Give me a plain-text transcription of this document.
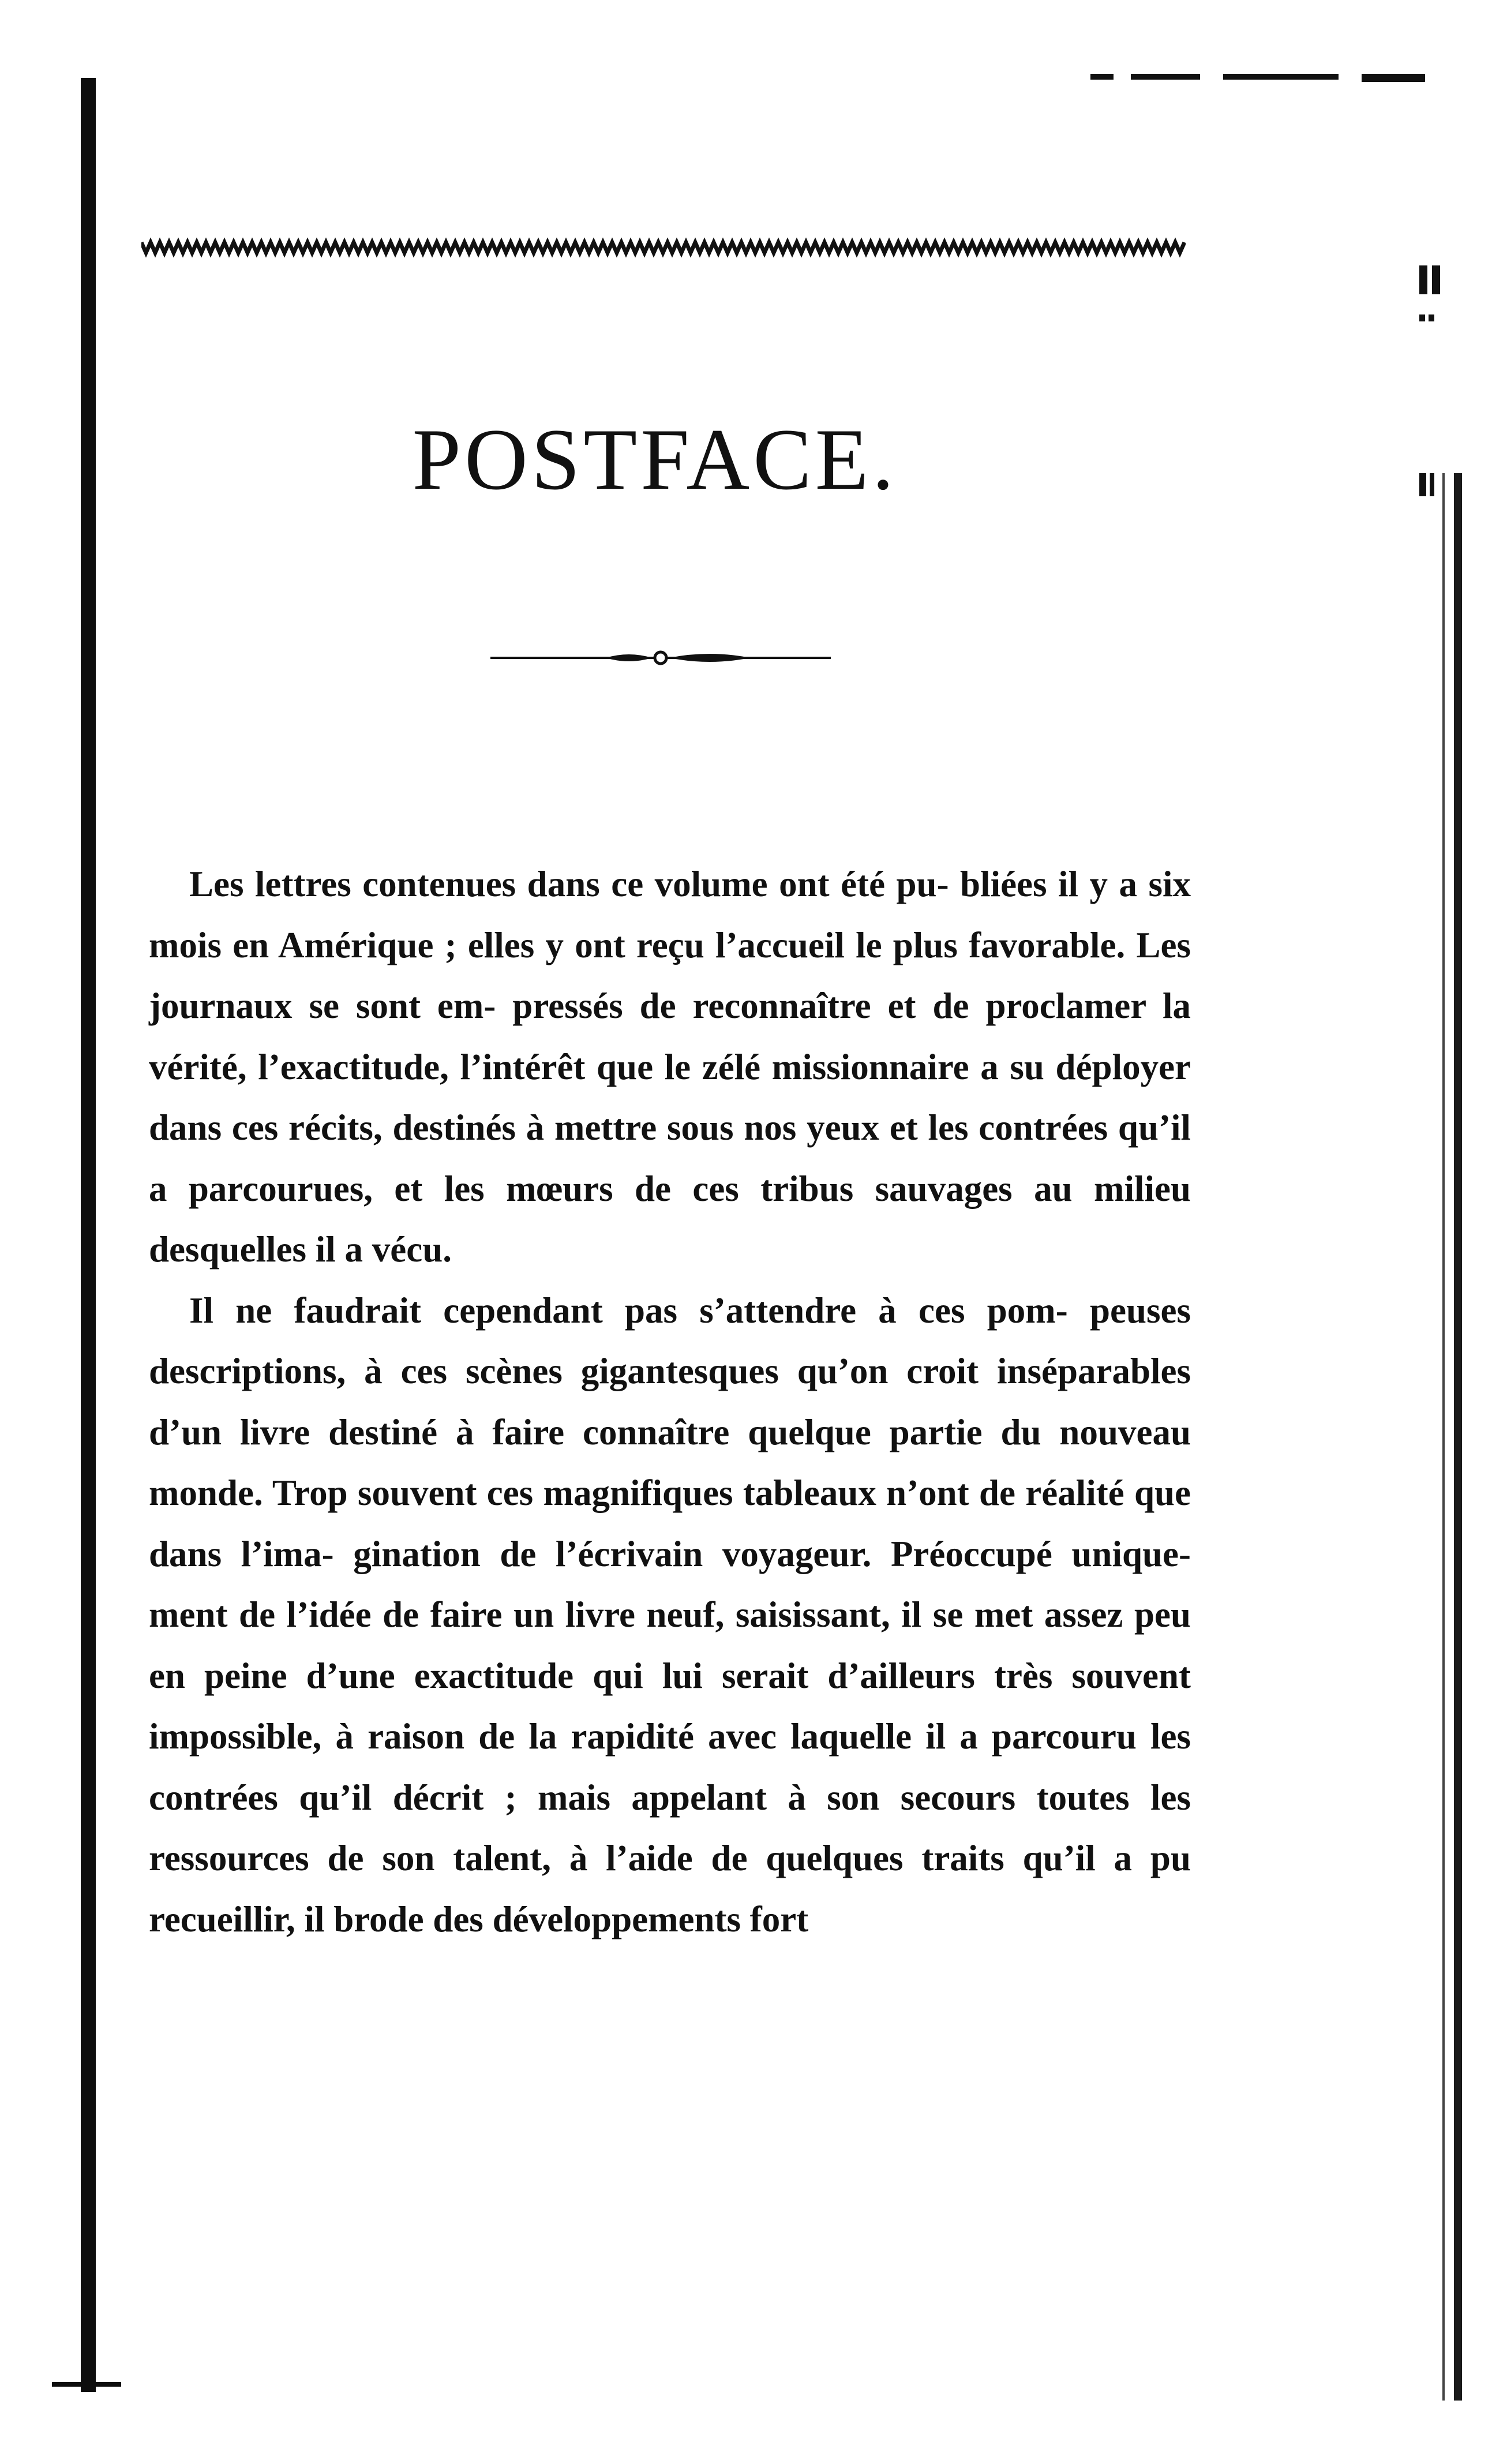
POSTFACE.

Les lettres contenues dans ce volume ont été pu- bliées il y a six mois en Amérique ; elles y ont reçu l’accueil le plus favorable. Les journaux se sont em- pressés de reconnaître et de proclamer la vérité, l’exactitude, l’intérêt que le zélé missionnaire a su déployer dans ces récits, destinés à mettre sous nos yeux et les contrées qu’il a parcourues, et les mœurs de ces tribus sauvages au milieu desquelles il a vécu.

Il ne faudrait cependant pas s’attendre à ces pom- peuses descriptions, à ces scènes gigantesques qu’on croit inséparables d’un livre destiné à faire connaître quelque partie du nouveau monde. Trop souvent ces magnifiques tableaux n’ont de réalité que dans l’ima- gination de l’écrivain voyageur. Préoccupé unique- ment de l’idée de faire un livre neuf, saisissant, il se met assez peu en peine d’une exactitude qui lui serait d’ailleurs très souvent impossible, à raison de la rapidité avec laquelle il a parcouru les contrées qu’il décrit ; mais appelant à son secours toutes les ressources de son talent, à l’aide de quelques traits qu’il a pu recueillir, il brode des développements fort
